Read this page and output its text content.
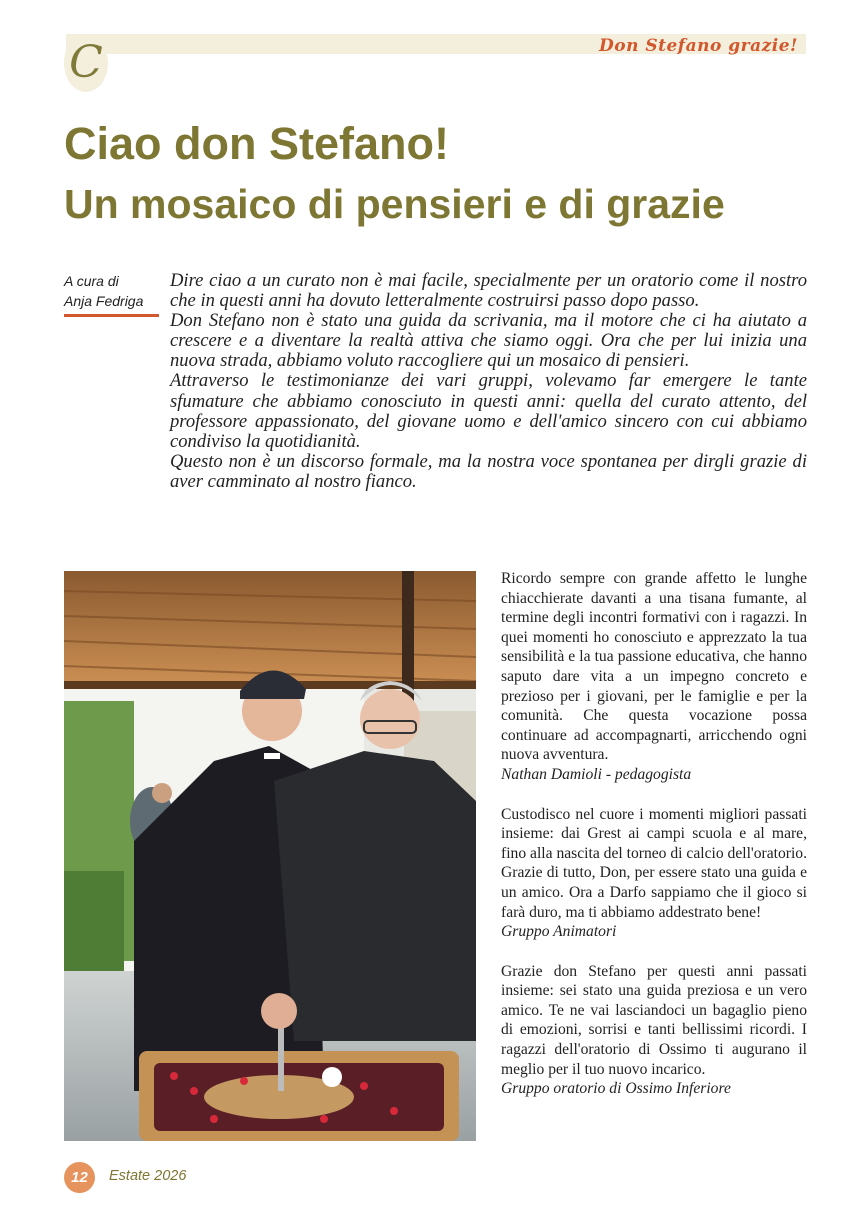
C	Don Stefano grazie!
Ciao don Stefano!
Un mosaico di pensieri e di grazie
A cura di
Anja Fedriga

Dire ciao a un curato non è mai facile, specialmente per un oratorio come il nostro che in questi anni ha dovuto letteralmente costruirsi passo dopo passo.

Don Stefano non è stato una guida da scrivania, ma il motore che ci ha aiutato a crescere e a diventare la realtà attiva che siamo oggi. Ora che per lui inizia una nuova strada, abbiamo voluto raccogliere qui un mosaico di pensieri.

Attraverso le testimonianze dei vari gruppi, volevamo far emergere le tante sfumature che abbiamo conosciuto in questi anni: quella del curato attento, del professore appassionato, del giovane uomo e dell'amico sincero con cui abbiamo condiviso la quotidianità.

Questo non è un discorso formale, ma la nostra voce spontanea per dirgli grazie di aver camminato al nostro fianco.

Ricordo sempre con grande affetto le lunghe chiacchierate davanti a una tisana fumante, al termine degli incontri formativi con i ragazzi. In quei momenti ho conosciuto e apprezzato la tua sensibilità e la tua passione educativa, che hanno saputo dare vita a un impegno concreto e prezioso per i giovani, per le famiglie e per la comunità. Che questa vocazione possa continuare ad accompagnarti, arricchendo ogni nuova avventura.

Nathan Damioli - pedagogista

Custodisco nel cuore i momenti migliori passati insieme: dai Grest ai campi scuola e al mare, fino alla nascita del torneo di calcio dell'oratorio. Grazie di tutto, Don, per essere stato una guida e un amico. Ora a Darfo sappiamo che il gioco si farà duro, ma ti abbiamo addestrato bene!

Gruppo Animatori

Grazie don Stefano per questi anni passati insieme: sei stato una guida preziosa e un vero amico. Te ne vai lasciandoci un bagaglio pieno di emozioni, sorrisi e tanti bellissimi ricordi. I ragazzi dell'oratorio di Ossimo ti augurano il meglio per il tuo nuovo incarico.

Gruppo oratorio di Ossimo Inferiore

12	Estate 2026
